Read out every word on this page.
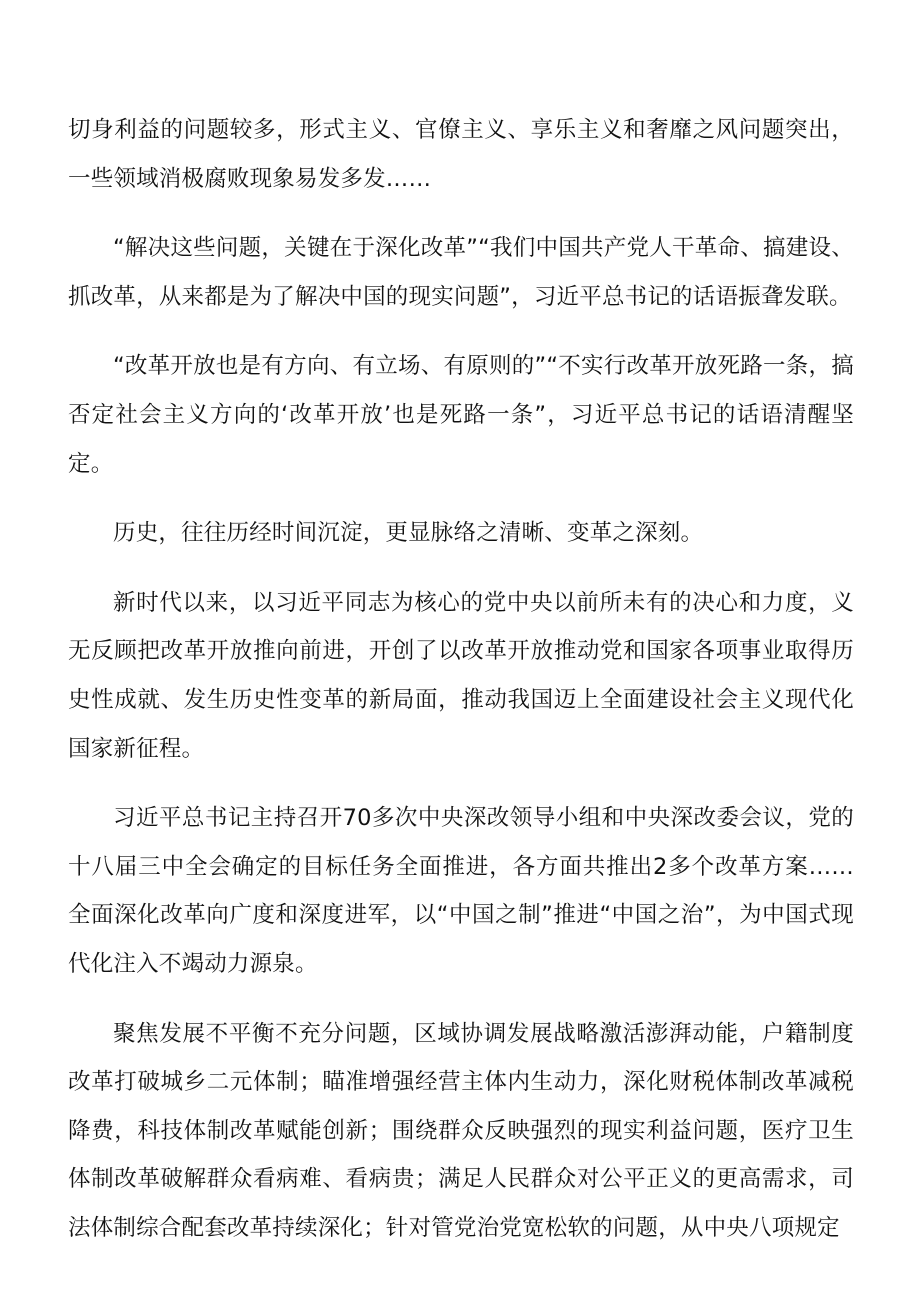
切身利益的问题较多，形式主义、官僚主义、享乐主义和奢靡之风问题突出，一些领域消极腐败现象易发多发……

“解决这些问题，关键在于深化改革”“我们中国共产党人干革命、搞建设、抓改革，从来都是为了解决中国的现实问题”，习近平总书记的话语振聋发联。

“改革开放也是有方向、有立场、有原则的”“不实行改革开放死路一条，搞否定社会主义方向的‘改革开放’也是死路一条”，习近平总书记的话语清醒坚定。

历史，往往历经时间沉淀，更显脉络之清晰、变革之深刻。

新时代以来，以习近平同志为核心的党中央以前所未有的决心和力度，义无反顾把改革开放推向前进，开创了以改革开放推动党和国家各项事业取得历史性成就、发生历史性变革的新局面，推动我国迈上全面建设社会主义现代化国家新征程。

习近平总书记主持召开70多次中央深改领导小组和中央深改委会议，党的十八届三中全会确定的目标任务全面推进，各方面共推出2多个改革方案……全面深化改革向广度和深度进军，以“中国之制”推进“中国之治”，为中国式现代化注入不竭动力源泉。

聚焦发展不平衡不充分问题，区域协调发展战略激活澎湃动能，户籍制度改革打破城乡二元体制；瞄准增强经营主体内生动力，深化财税体制改革减税降费，科技体制改革赋能创新；围绕群众反映强烈的现实利益问题，医疗卫生体制改革破解群众看病难、看病贵；满足人民群众对公平正义的更高需求，司法体制综合配套改革持续深化；针对管党治党宽松软的问题，从中央八项规定
